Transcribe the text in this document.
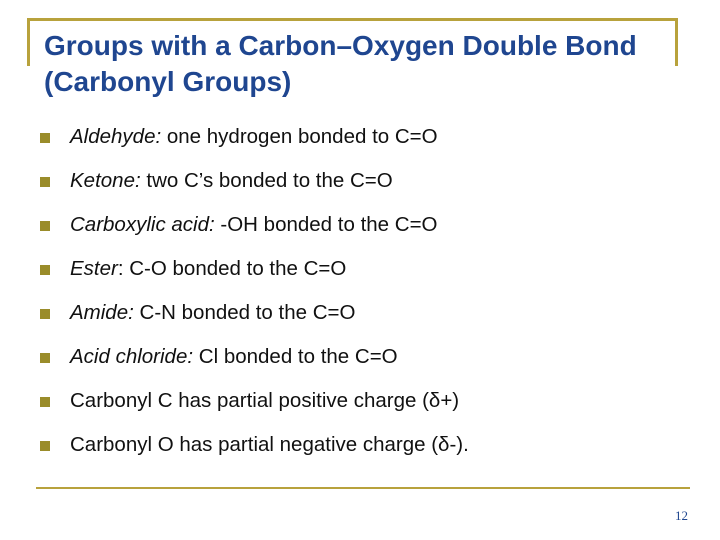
Groups with a Carbon–Oxygen Double Bond
(Carbonyl Groups)
Aldehyde: one hydrogen bonded to C=O
Ketone: two C’s bonded to the C=O
Carboxylic acid: -OH bonded to the C=O
Ester: C-O bonded to the C=O
Amide: C-N bonded to the C=O
Acid chloride: Cl bonded to the C=O
Carbonyl C has partial positive charge (δ+)
Carbonyl O has partial negative charge (δ-).
12
